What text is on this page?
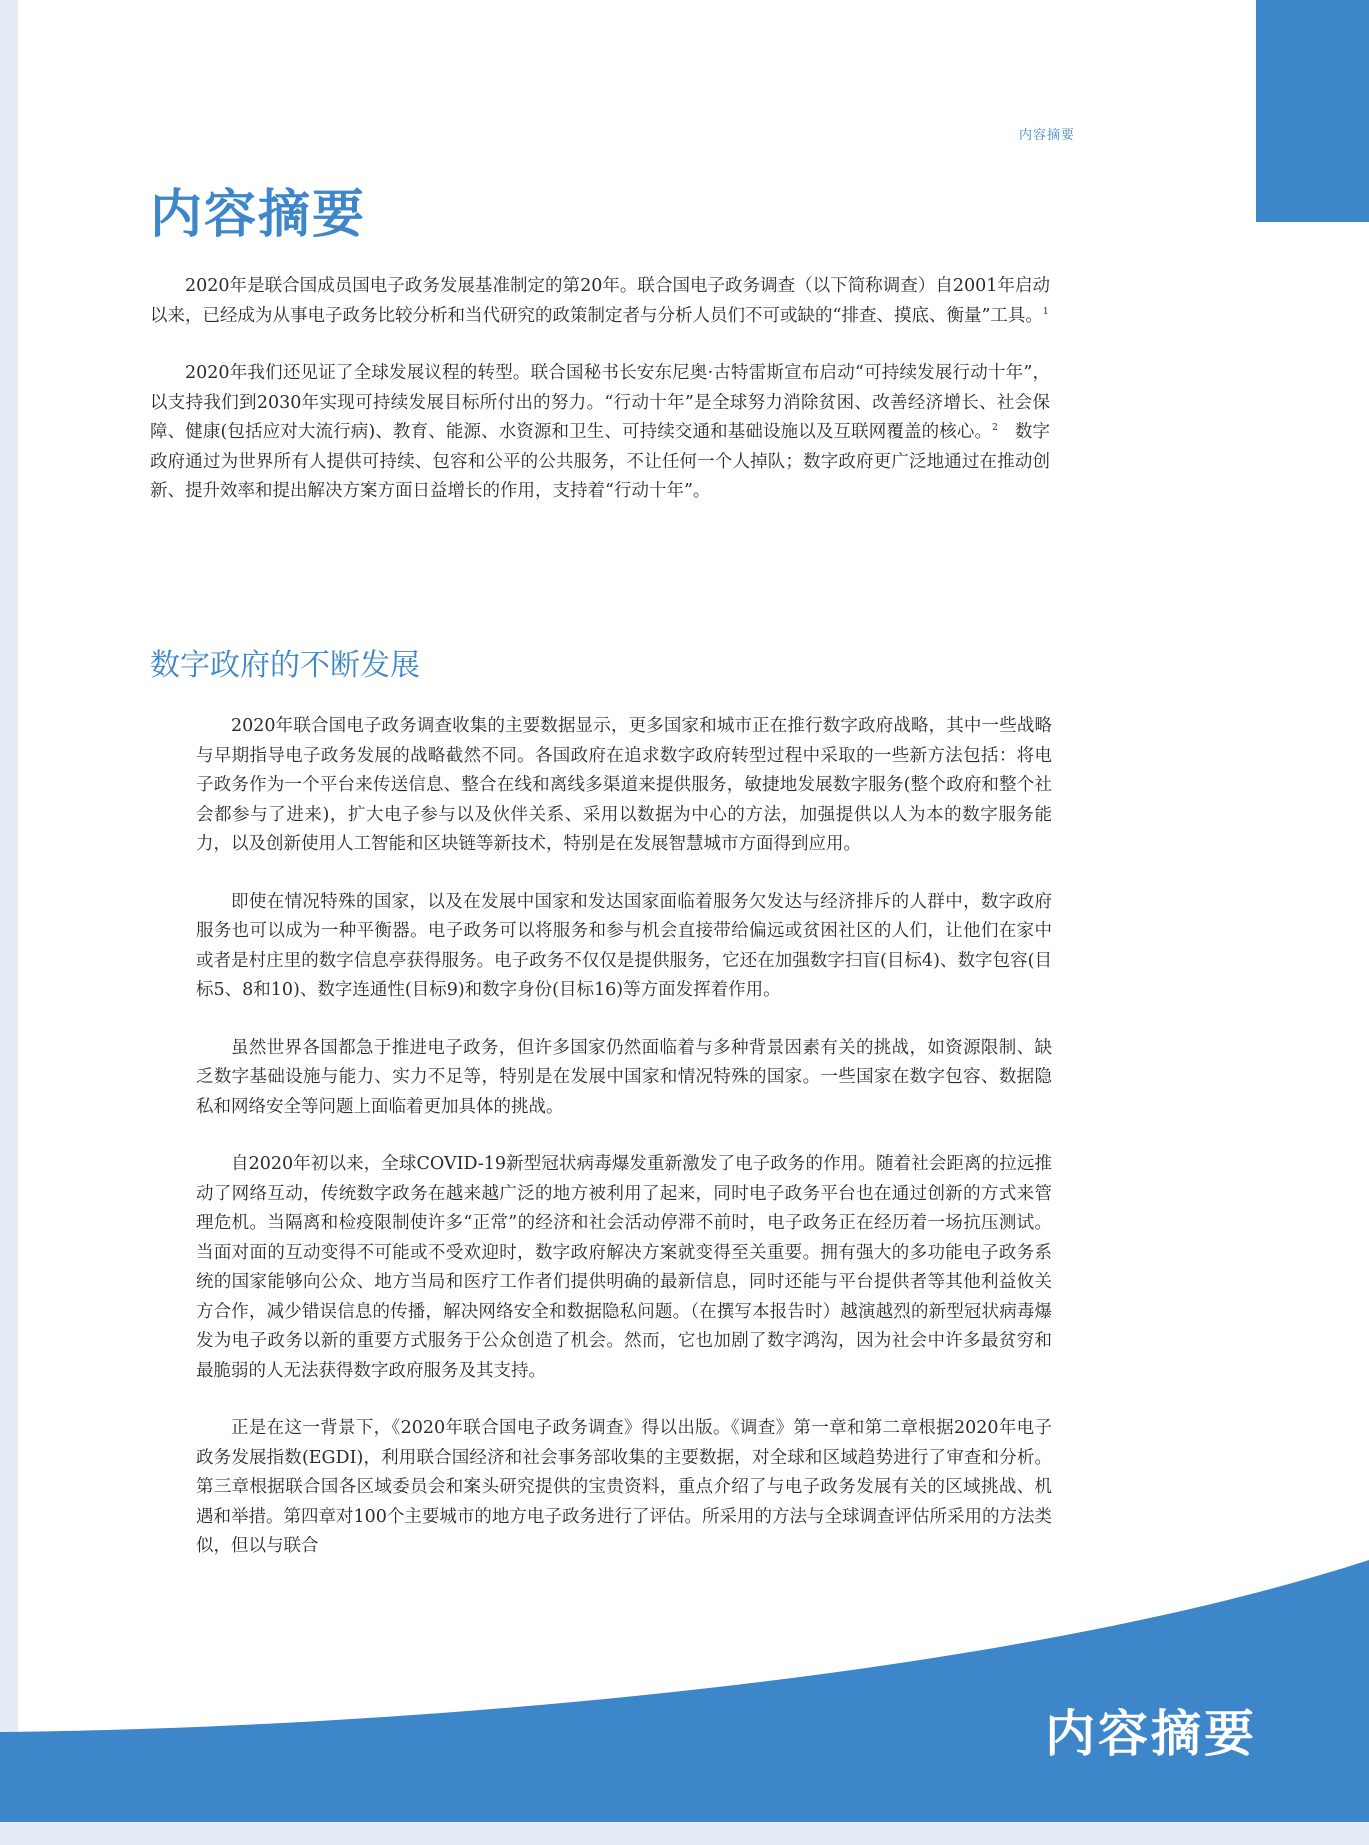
内容摘要
内容摘要

2020年是联合国成员国电子政务发展基准制定的第20年。联合国电子政务调查（以下简称调查）自2001年启动以来，已经成为从事电子政务比较分析和当代研究的政策制定者与分析人员们不可或缺的“排查、摸底、衡量”工具。$^1$

2020年我们还见证了全球发展议程的转型。联合国秘书长安东尼奥·古特雷斯宣布启动“可持续发展行动十年”，以支持我们到2030年实现可持续发展目标所付出的努力。“行动十年”是全球努力消除贫困、改善经济增长、社会保障、健康(包括应对大流行病)、教育、能源、水资源和卫生、可持续交通和基础设施以及互联网覆盖的核心。$^2$ 数字政府通过为世界所有人提供可持续、包容和公平的公共服务，不让任何一个人掉队；数字政府更广泛地通过在推动创新、提升效率和提出解决方案方面日益增长的作用，支持着“行动十年”。

数字政府的不断发展

2020年联合国电子政务调查收集的主要数据显示，更多国家和城市正在推行数字政府战略，其中一些战略与早期指导电子政务发展的战略截然不同。各国政府在追求数字政府转型过程中采取的一些新方法包括：将电子政务作为一个平台来传送信息、整合在线和离线多渠道来提供服务，敏捷地发展数字服务(整个政府和整个社会都参与了进来)，扩大电子参与以及伙伴关系、采用以数据为中心的方法，加强提供以人为本的数字服务能力，以及创新使用人工智能和区块链等新技术，特别是在发展智慧城市方面得到应用。

即使在情况特殊的国家，以及在发展中国家和发达国家面临着服务欠发达与经济排斥的人群中，数字政府服务也可以成为一种平衡器。电子政务可以将服务和参与机会直接带给偏远或贫困社区的人们，让他们在家中或者是村庄里的数字信息亭获得服务。电子政务不仅仅是提供服务，它还在加强数字扫盲(目标4)、数字包容(目标5、8和10)、数字连通性(目标9)和数字身份(目标16)等方面发挥着作用。

虽然世界各国都急于推进电子政务，但许多国家仍然面临着与多种背景因素有关的挑战，如资源限制、缺乏数字基础设施与能力、实力不足等，特别是在发展中国家和情况特殊的国家。一些国家在数字包容、数据隐私和网络安全等问题上面临着更加具体的挑战。

自2020年初以来，全球COVID-19新型冠状病毒爆发重新激发了电子政务的作用。随着社会距离的拉远推动了网络互动，传统数字政务在越来越广泛的地方被利用了起来，同时电子政务平台也在通过创新的方式来管理危机。当隔离和检疫限制使许多“正常”的经济和社会活动停滞不前时，电子政务正在经历着一场抗压测试。当面对面的互动变得不可能或不受欢迎时，数字政府解决方案就变得至关重要。拥有强大的多功能电子政务系统的国家能够向公众、地方当局和医疗工作者们提供明确的最新信息，同时还能与平台提供者等其他利益攸关方合作，减少错误信息的传播，解决网络安全和数据隐私问题。（在撰写本报告时）越演越烈的新型冠状病毒爆发为电子政务以新的重要方式服务于公众创造了机会。然而，它也加剧了数字鸿沟，因为社会中许多最贫穷和最脆弱的人无法获得数字政府服务及其支持。

正是在这一背景下，《2020年联合国电子政务调查》得以出版。《调查》第一章和第二章根据2020年电子政务发展指数(EGDI)，利用联合国经济和社会事务部收集的主要数据，对全球和区域趋势进行了审查和分析。第三章根据联合国各区域委员会和案头研究提供的宝贵资料，重点介绍了与电子政务发展有关的区域挑战、机遇和举措。第四章对100个主要城市的地方电子政务进行了评估。所采用的方法与全球调查评估所采用的方法类似，但以与联合

内容摘要
